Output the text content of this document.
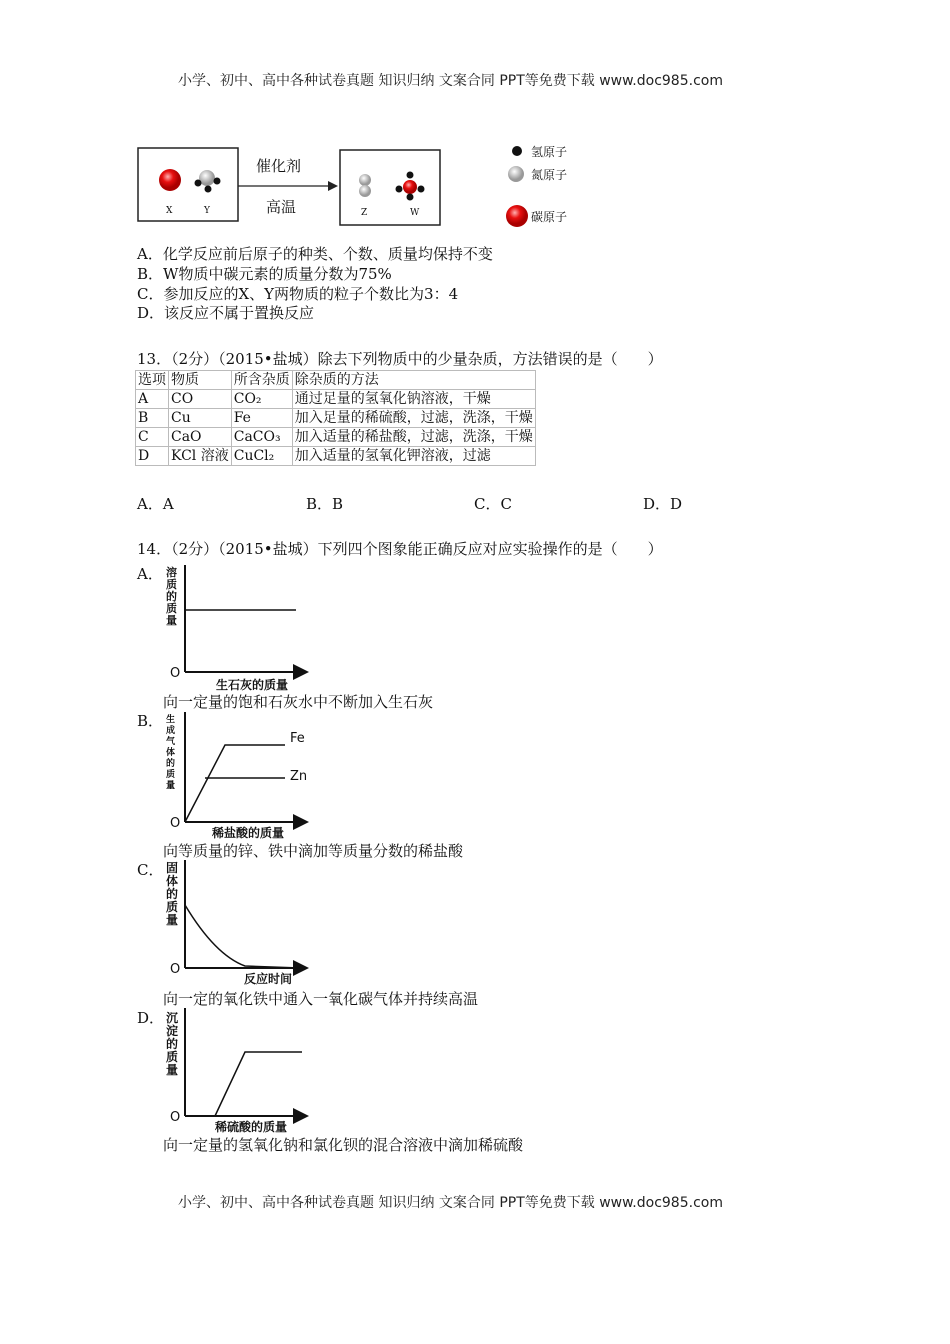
小学、初中、高中各种试卷真题 知识归纳 文案合同 PPT等免费下载 www.doc985.com
催化剂
高温
X	Y	Z	W
氢原子
氮原子
碳原子
A．化学反应前后原子的种类、个数、质量均保持不变
B．W物质中碳元素的质量分数为75%
C．参加反应的X、Y两物质的粒子个数比为3：4
D．该反应不属于置换反应
13．（2分）（2015•盐城）除去下列物质中的少量杂质，方法错误的是（　　）
选项	物质	所含杂质	除杂质的方法
A	CO	CO₂	通过足量的氢氧化钠溶液，干燥
B	Cu	Fe	加入足量的稀硫酸，过滤，洗涤，干燥
C	CaO	CaCO₃	加入适量的稀盐酸，过滤，洗涤，干燥
D	KCl 溶液	CuCl₂	加入适量的氢氧化钾溶液，过滤
A．A	B．B	C．C	D．D
14．（2分）（2015•盐城）下列四个图象能正确反应对应实验操作的是（　　）
A． 溶质的质量
O
生石灰的质量
向一定量的饱和石灰水中不断加入生石灰
B． 生成气体的质量
O
稀盐酸的质量
Fe
Zn
向等质量的锌、铁中滴加等质量分数的稀盐酸
C． 固体的质量
O
反应时间
向一定的氧化铁中通入一氧化碳气体并持续高温
D． 沉淀的质量
O
稀硫酸的质量
向一定量的氢氧化钠和氯化钡的混合溶液中滴加稀硫酸
小学、初中、高中各种试卷真题 知识归纳 文案合同 PPT等免费下载 www.doc985.com
